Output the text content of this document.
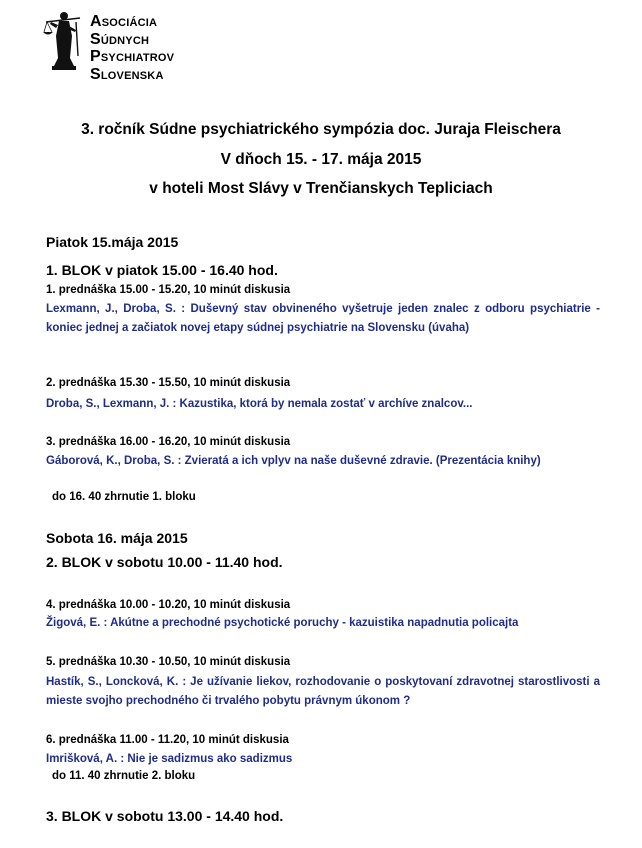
ASOCIÁCIA
SÚDNYCH
PSYCHIATROV
SLOVENSKA
3. ročník Súdne psychiatrického sympózia doc. Juraja Fleischera
V dňoch 15. - 17. mája 2015
v hoteli Most Slávy v Trenčianskych Tepliciach
Piatok 15.mája 2015
1. BLOK v piatok 15.00 - 16.40 hod.
1. prednáška 15.00 - 15.20, 10 minút diskusia
Lexmann, J., Droba, S. : Duševný stav obvineného vyšetruje jeden znalec z odboru psychiatrie - koniec jednej a začiatok novej etapy súdnej psychiatrie na Slovensku (úvaha)
2. prednáška 15.30 - 15.50, 10 minút diskusia
Droba, S., Lexmann, J. : Kazustika, ktorá by nemala zostať v archíve znalcov...
3. prednáška 16.00 - 16.20, 10 minút diskusia
Gáborová, K., Droba, S. : Zvieratá a ich vplyv na naše duševné zdravie. (Prezentácia knihy)
do 16. 40 zhrnutie 1. bloku
Sobota 16. mája 2015
2. BLOK v sobotu 10.00 - 11.40 hod.
4. prednáška 10.00 - 10.20, 10 minút diskusia
Žigová, E. : Akútne a prechodné psychotické poruchy - kazuistika napadnutia policajta
5. prednáška 10.30 - 10.50, 10 minút diskusia
Hastík, S., Loncková, K. : Je užívanie liekov, rozhodovanie o poskytovaní zdravotnej starostlivosti a mieste svojho prechodného či trvalého pobytu právnym úkonom ?
6. prednáška 11.00 - 11.20, 10 minút diskusia
Imrišková, A. : Nie je sadizmus ako sadizmus
do 11. 40 zhrnutie 2. bloku
3. BLOK v sobotu 13.00 - 14.40 hod.
